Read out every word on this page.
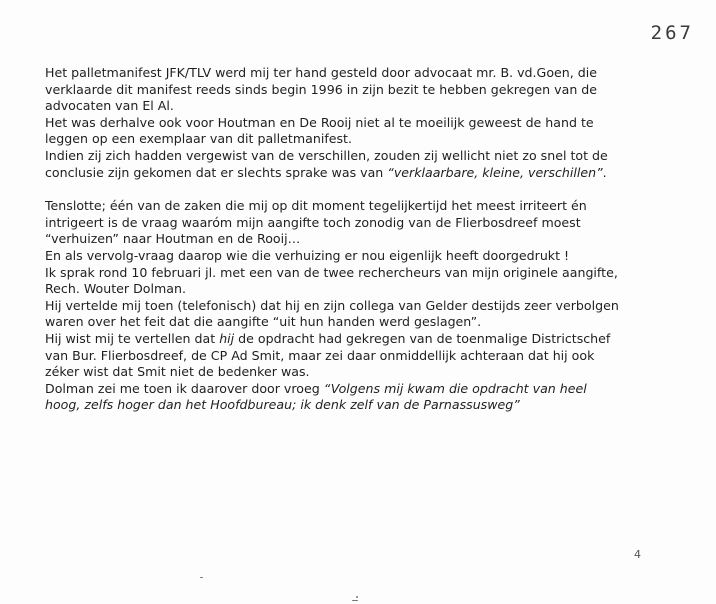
267
Het palletmanifest JFK/TLV werd mij ter hand gesteld door advocaat mr. B. vd.Goen, die
verklaarde dit manifest reeds sinds begin 1996 in zijn bezit te hebben gekregen van de
advocaten van El Al.
Het was derhalve ook voor Houtman en De Rooij niet al te moeilijk geweest de hand te
leggen op een exemplaar van dit palletmanifest.
Indien zij zich hadden vergewist van de verschillen, zouden zij wellicht niet zo snel tot de
conclusie zijn gekomen dat er slechts sprake was van “verklaarbare, kleine, verschillen”.
Tenslotte; één van de zaken die mij op dit moment tegelijkertijd het meest irriteert én
intrigeert is de vraag waaróm mijn aangifte toch zonodig van de Flierbosdreef moest
“verhuizen” naar Houtman en de Rooij…
En als vervolg-vraag daarop wie die verhuizing er nou eigenlijk heeft doorgedrukt !
Ik sprak rond 10 februari jl. met een van de twee rechercheurs van mijn originele aangifte,
Rech. Wouter Dolman.
Hij vertelde mij toen (telefonisch) dat hij en zijn collega van Gelder destijds zeer verbolgen
waren over het feit dat die aangifte “uit hun handen werd geslagen”.
Hij wist mij te vertellen dat hij de opdracht had gekregen van de toenmalige Districtschef
van Bur. Flierbosdreef, de CP Ad Smit, maar zei daar onmiddellijk achteraan dat hij ook
zéker wist dat Smit niet de bedenker was.
Dolman zei me toen ik daarover door vroeg “Volgens mij kwam die opdracht van heel
hoog, zelfs hoger dan het Hoofdbureau; ik denk zelf van de Parnassusweg”
4
